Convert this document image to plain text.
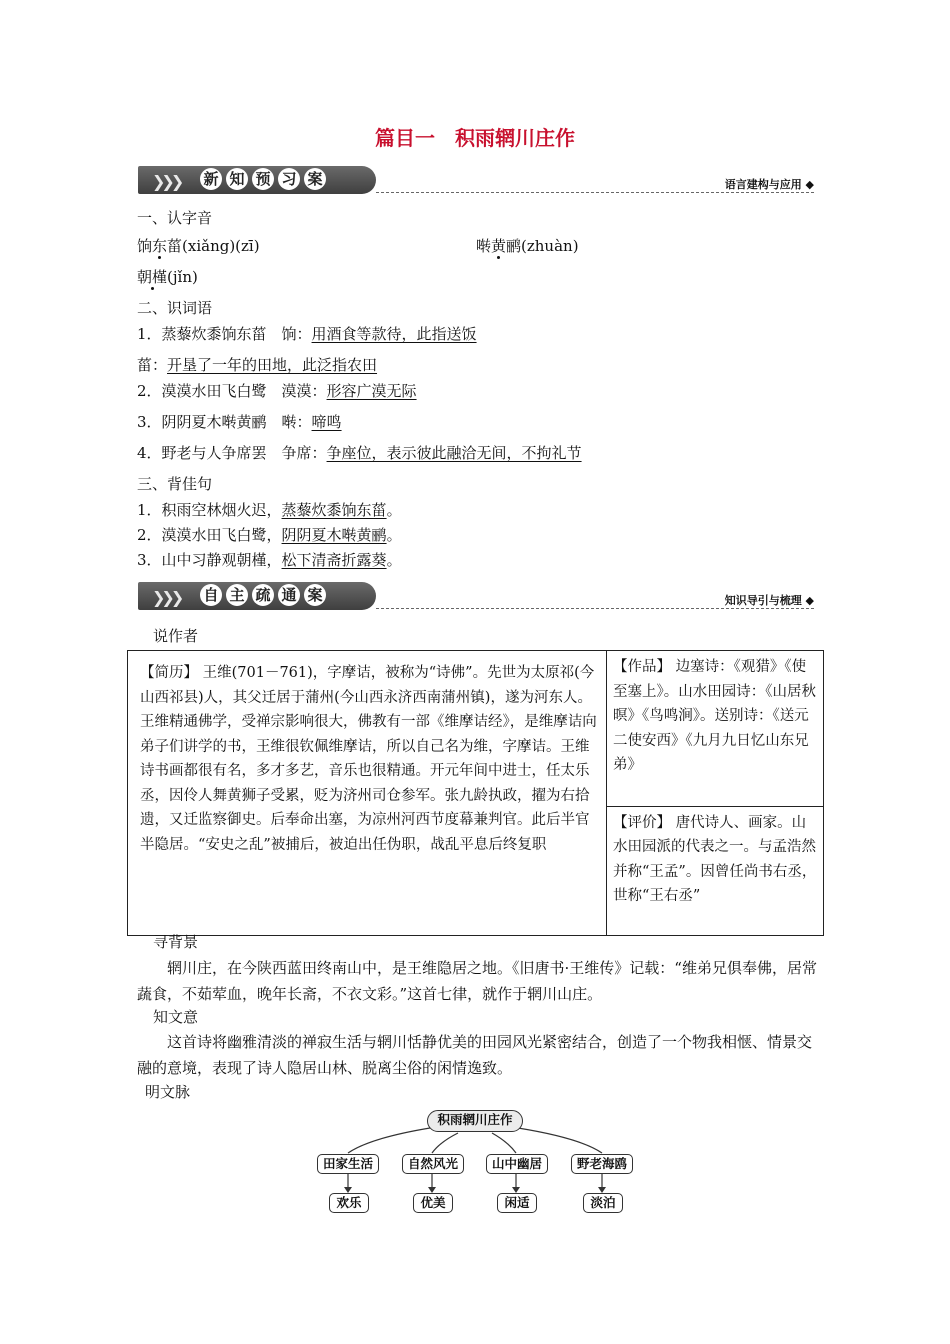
篇目一　积雨辋川庄作
❯❯❯ 新 知 预 习 案	语言建构与应用 ◆
一、认字音
饷东菑(xiǎng)(zī)	啭黄鹂(zhuàn)
朝槿(jǐn)
二、识词语
1．蒸藜炊黍饷东菑　饷：用酒食等款待，此指送饭
菑：开垦了一年的田地，此泛指农田
2．漠漠水田飞白鹭　漠漠：形容广漠无际
3．阴阴夏木啭黄鹂　啭：啼鸣
4．野老与人争席罢　争席：争座位，表示彼此融洽无间，不拘礼节
三、背佳句
1．积雨空林烟火迟，蒸藜炊黍饷东菑。
2．漠漠水田飞白鹭，阴阴夏木啭黄鹂。
3．山中习静观朝槿，松下清斋折露葵。
❯❯❯ 自 主 疏 通 案	知识导引与梳理 ◆
说作者
【简历】 王维(701－761)，字摩诘，被称为“诗佛”。先世为太原祁(今山西祁县)人，其父迁居于蒲州(今山西永济西南蒲州镇)，遂为河东人。王维精通佛学，受禅宗影响很大，佛教有一部《维摩诘经》，是维摩诘向弟子们讲学的书，王维很钦佩维摩诘，所以自己名为维，字摩诘。王维诗书画都很有名，多才多艺，音乐也很精通。开元年间中进士，任太乐丞，因伶人舞黄狮子受累，贬为济州司仓参军。张九龄执政，擢为右拾遗，又迁监察御史。后奉命出塞，为凉州河西节度幕兼判官。此后半官半隐居。“安史之乱”被捕后，被迫出任伪职，战乱平息后终复职	【作品】 边塞诗：《观猎》《使至塞上》。山水田园诗：《山居秋暝》《鸟鸣涧》。送别诗：《送元二使安西》《九月九日忆山东兄弟》
【评价】 唐代诗人、画家。山水田园派的代表之一。与孟浩然并称“王孟”。因曾任尚书右丞，世称“王右丞”
寻背景
辋川庄，在今陕西蓝田终南山中，是王维隐居之地。《旧唐书·王维传》记载：“维弟兄俱奉佛，居常蔬食，不茹荤血，晚年长斋，不衣文彩。”这首七律，就作于辋川山庄。
知文意
这首诗将幽雅清淡的禅寂生活与辋川恬静优美的田园风光紧密结合，创造了一个物我相惬、情景交融的意境，表现了诗人隐居山林、脱离尘俗的闲情逸致。
明文脉
积雨辋川庄作
田家生活	自然风光	山中幽居	野老海鸥
欢乐	优美	闲适	淡泊
